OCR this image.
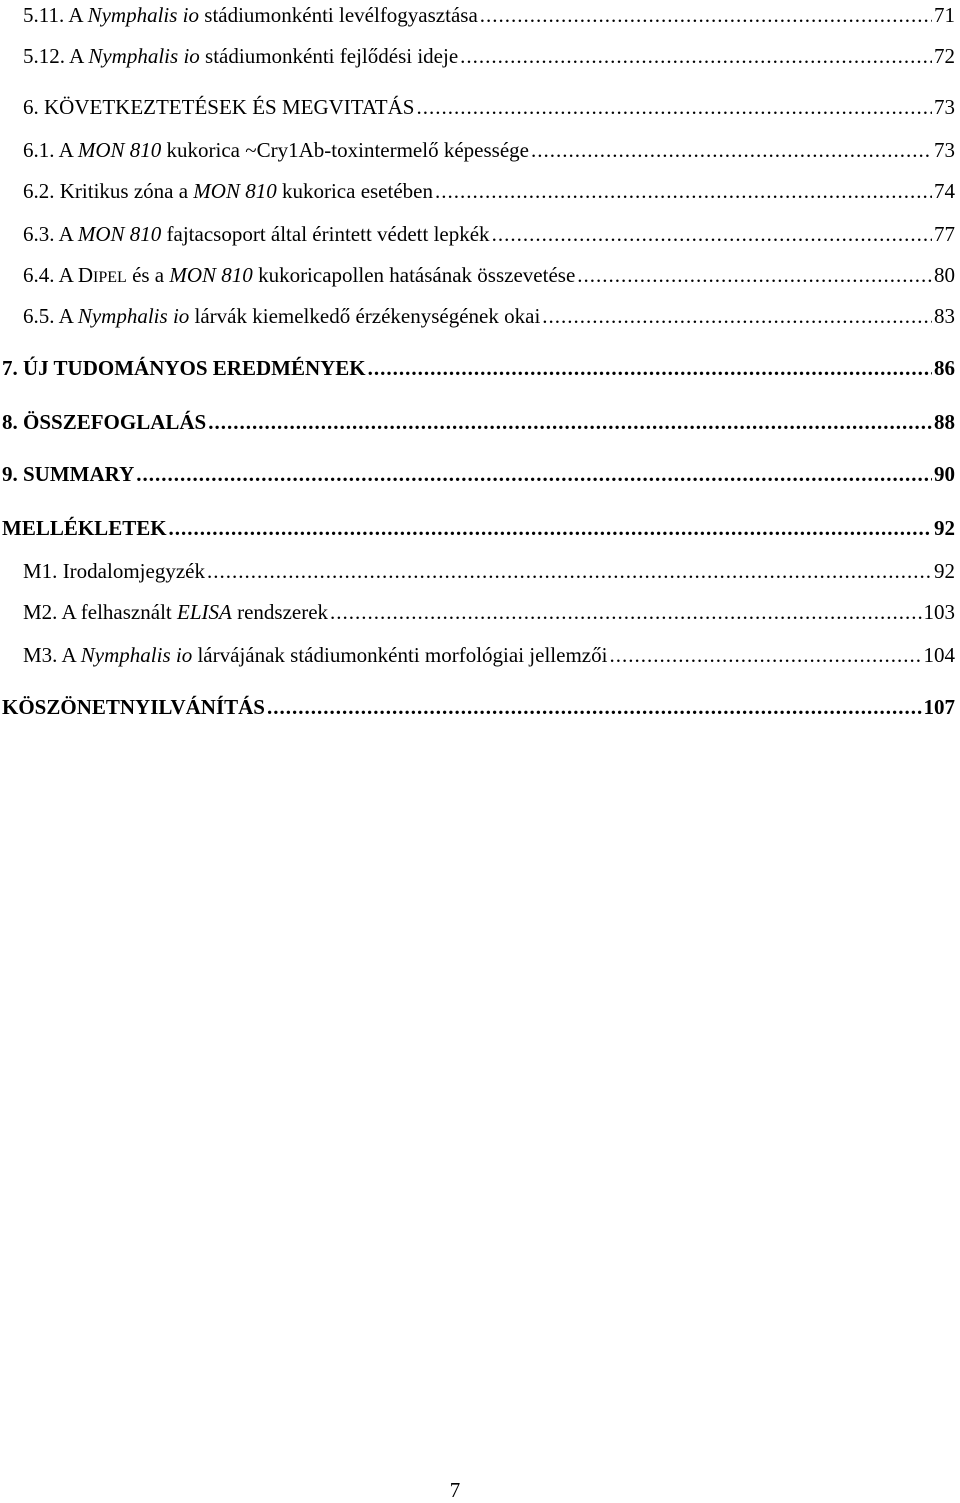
5.11. A Nymphalis io stádiumonkénti levélfogyasztása .....	71
5.12. A Nymphalis io stádiumonkénti fejlődési ideje .....	72
6. KÖVETKEZTETÉSEK ÉS MEGVITATÁS .....	73
6.1. A MON 810 kukorica ~Cry1Ab-toxintermelő képessége .....	73
6.2. Kritikus zóna a MON 810 kukorica esetében .....	74
6.3. A MON 810 fajtacsoport által érintett védett lepkék .....	77
6.4. A DIPEL és a MON 810 kukoricapollen hatásának összevetése .....	80
6.5. A Nymphalis io lárvák kiemelkedő érzékenységének okai .....	83
7. ÚJ TUDOMÁNYOS EREDMÉNYEK .....	86
8. ÖSSZEFOGLALÁS .....	88
9. SUMMARY .....	90
MELLÉKLETEK .....	92
M1. Irodalomjegyzék .....	92
M2. A felhasznált ELISA rendszerek .....	103
M3. A Nymphalis io lárvájának stádiumonkénti morfológiai jellemzői .....	104
KÖSZÖNETNYILVÁNÍTÁS .....	107
7
